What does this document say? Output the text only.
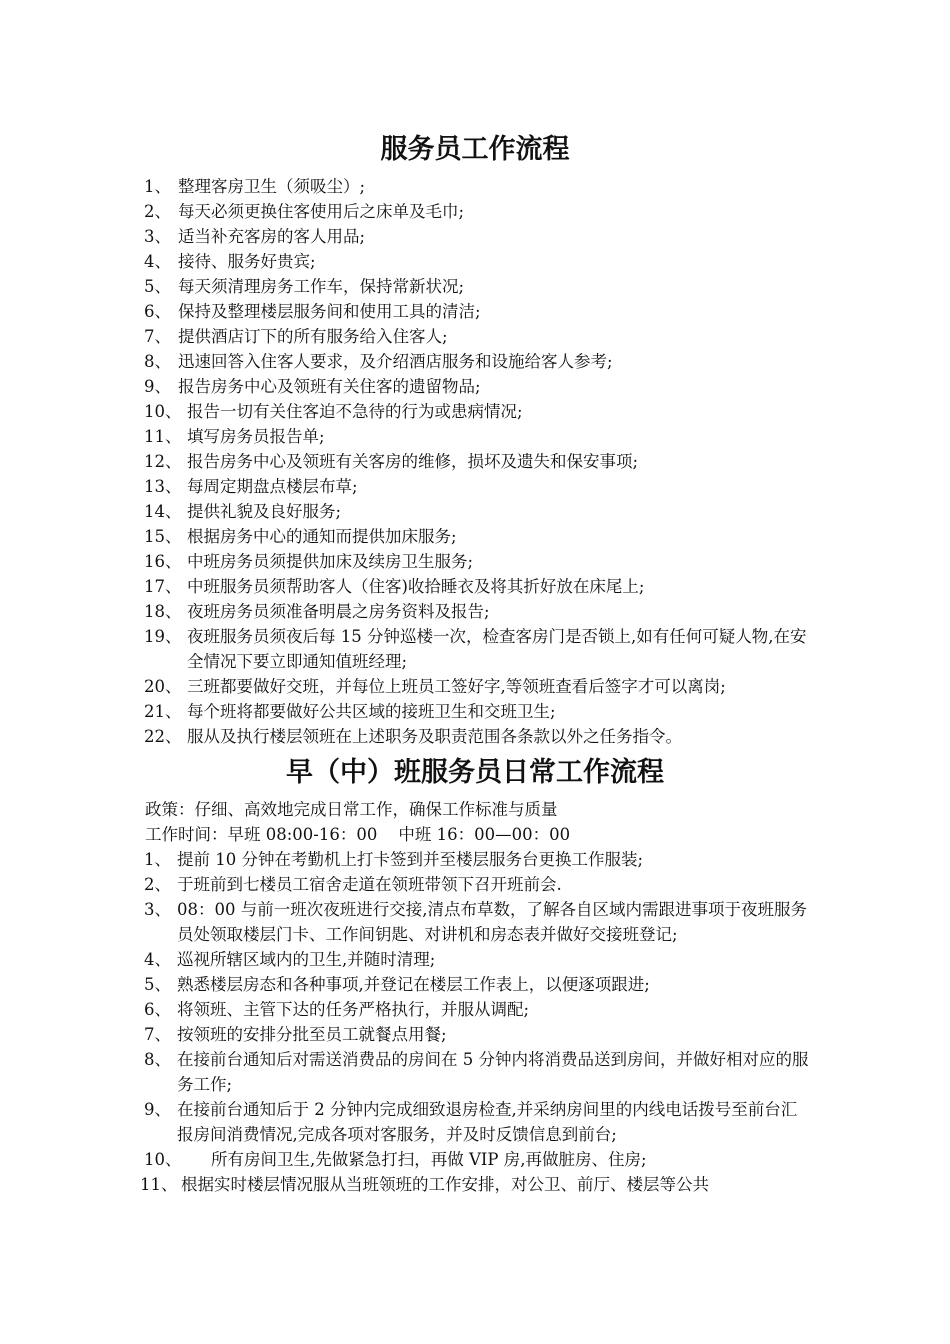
服务员工作流程
1、 整理客房卫生（须吸尘）;
2、 每天必须更换住客使用后之床单及毛巾;
3、 适当补充客房的客人用品;
4、 接待、服务好贵宾;
5、 每天须清理房务工作车，保持常新状况;
6、 保持及整理楼层服务间和使用工具的清洁;
7、 提供酒店订下的所有服务给入住客人;
8、 迅速回答入住客人要求，及介绍酒店服务和设施给客人参考;
9、 报告房务中心及领班有关住客的遗留物品;
10、 报告一切有关住客迫不急待的行为或患病情况;
11、 填写房务员报告单;
12、 报告房务中心及领班有关客房的维修，损坏及遗失和保安事项;
13、 每周定期盘点楼层布草;
14、 提供礼貌及良好服务;
15、 根据房务中心的通知而提供加床服务;
16、 中班房务员须提供加床及续房卫生服务;
17、 中班服务员须帮助客人（住客)收拾睡衣及将其折好放在床尾上;
18、 夜班房务员须准备明晨之房务资料及报告;
19、 夜班服务员须夜后每 15 分钟巡楼一次，检查客房门是否锁上,如有任何可疑人物,在安全情况下要立即通知值班经理;
20、 三班都要做好交班，并每位上班员工签好字,等领班查看后签字才可以离岗;
21、 每个班将都要做好公共区域的接班卫生和交班卫生;
22、 服从及执行楼层领班在上述职务及职责范围各条款以外之任务指令。
早（中）班服务员日常工作流程
政策：仔细、高效地完成日常工作，确保工作标准与质量
工作时间：早班 08:00-16：00    中班 16：00—00：00
1、 提前 10 分钟在考勤机上打卡签到并至楼层服务台更换工作服装;
2、 于班前到七楼员工宿舍走道在领班带领下召开班前会.
3、 08：00 与前一班次夜班进行交接,清点布草数，了解各自区域内需跟进事项于夜班服务员处领取楼层门卡、工作间钥匙、对讲机和房态表并做好交接班登记;
4、 巡视所辖区域内的卫生,并随时清理;
5、 熟悉楼层房态和各种事项,并登记在楼层工作表上，以便逐项跟进;
6、 将领班、主管下达的任务严格执行，并服从调配;
7、 按领班的安排分批至员工就餐点用餐;
8、 在接前台通知后对需送消费品的房间在 5 分钟内将消费品送到房间，并做好相对应的服务工作;
9、 在接前台通知后于 2 分钟内完成细致退房检查,并采纳房间里的内线电话拨号至前台汇报房间消费情况,完成各项对客服务，并及时反馈信息到前台;
10、 所有房间卫生,先做紧急打扫，再做 VIP 房,再做脏房、住房;
11、 根据实时楼层情况服从当班领班的工作安排，对公卫、前厅、楼层等公共
